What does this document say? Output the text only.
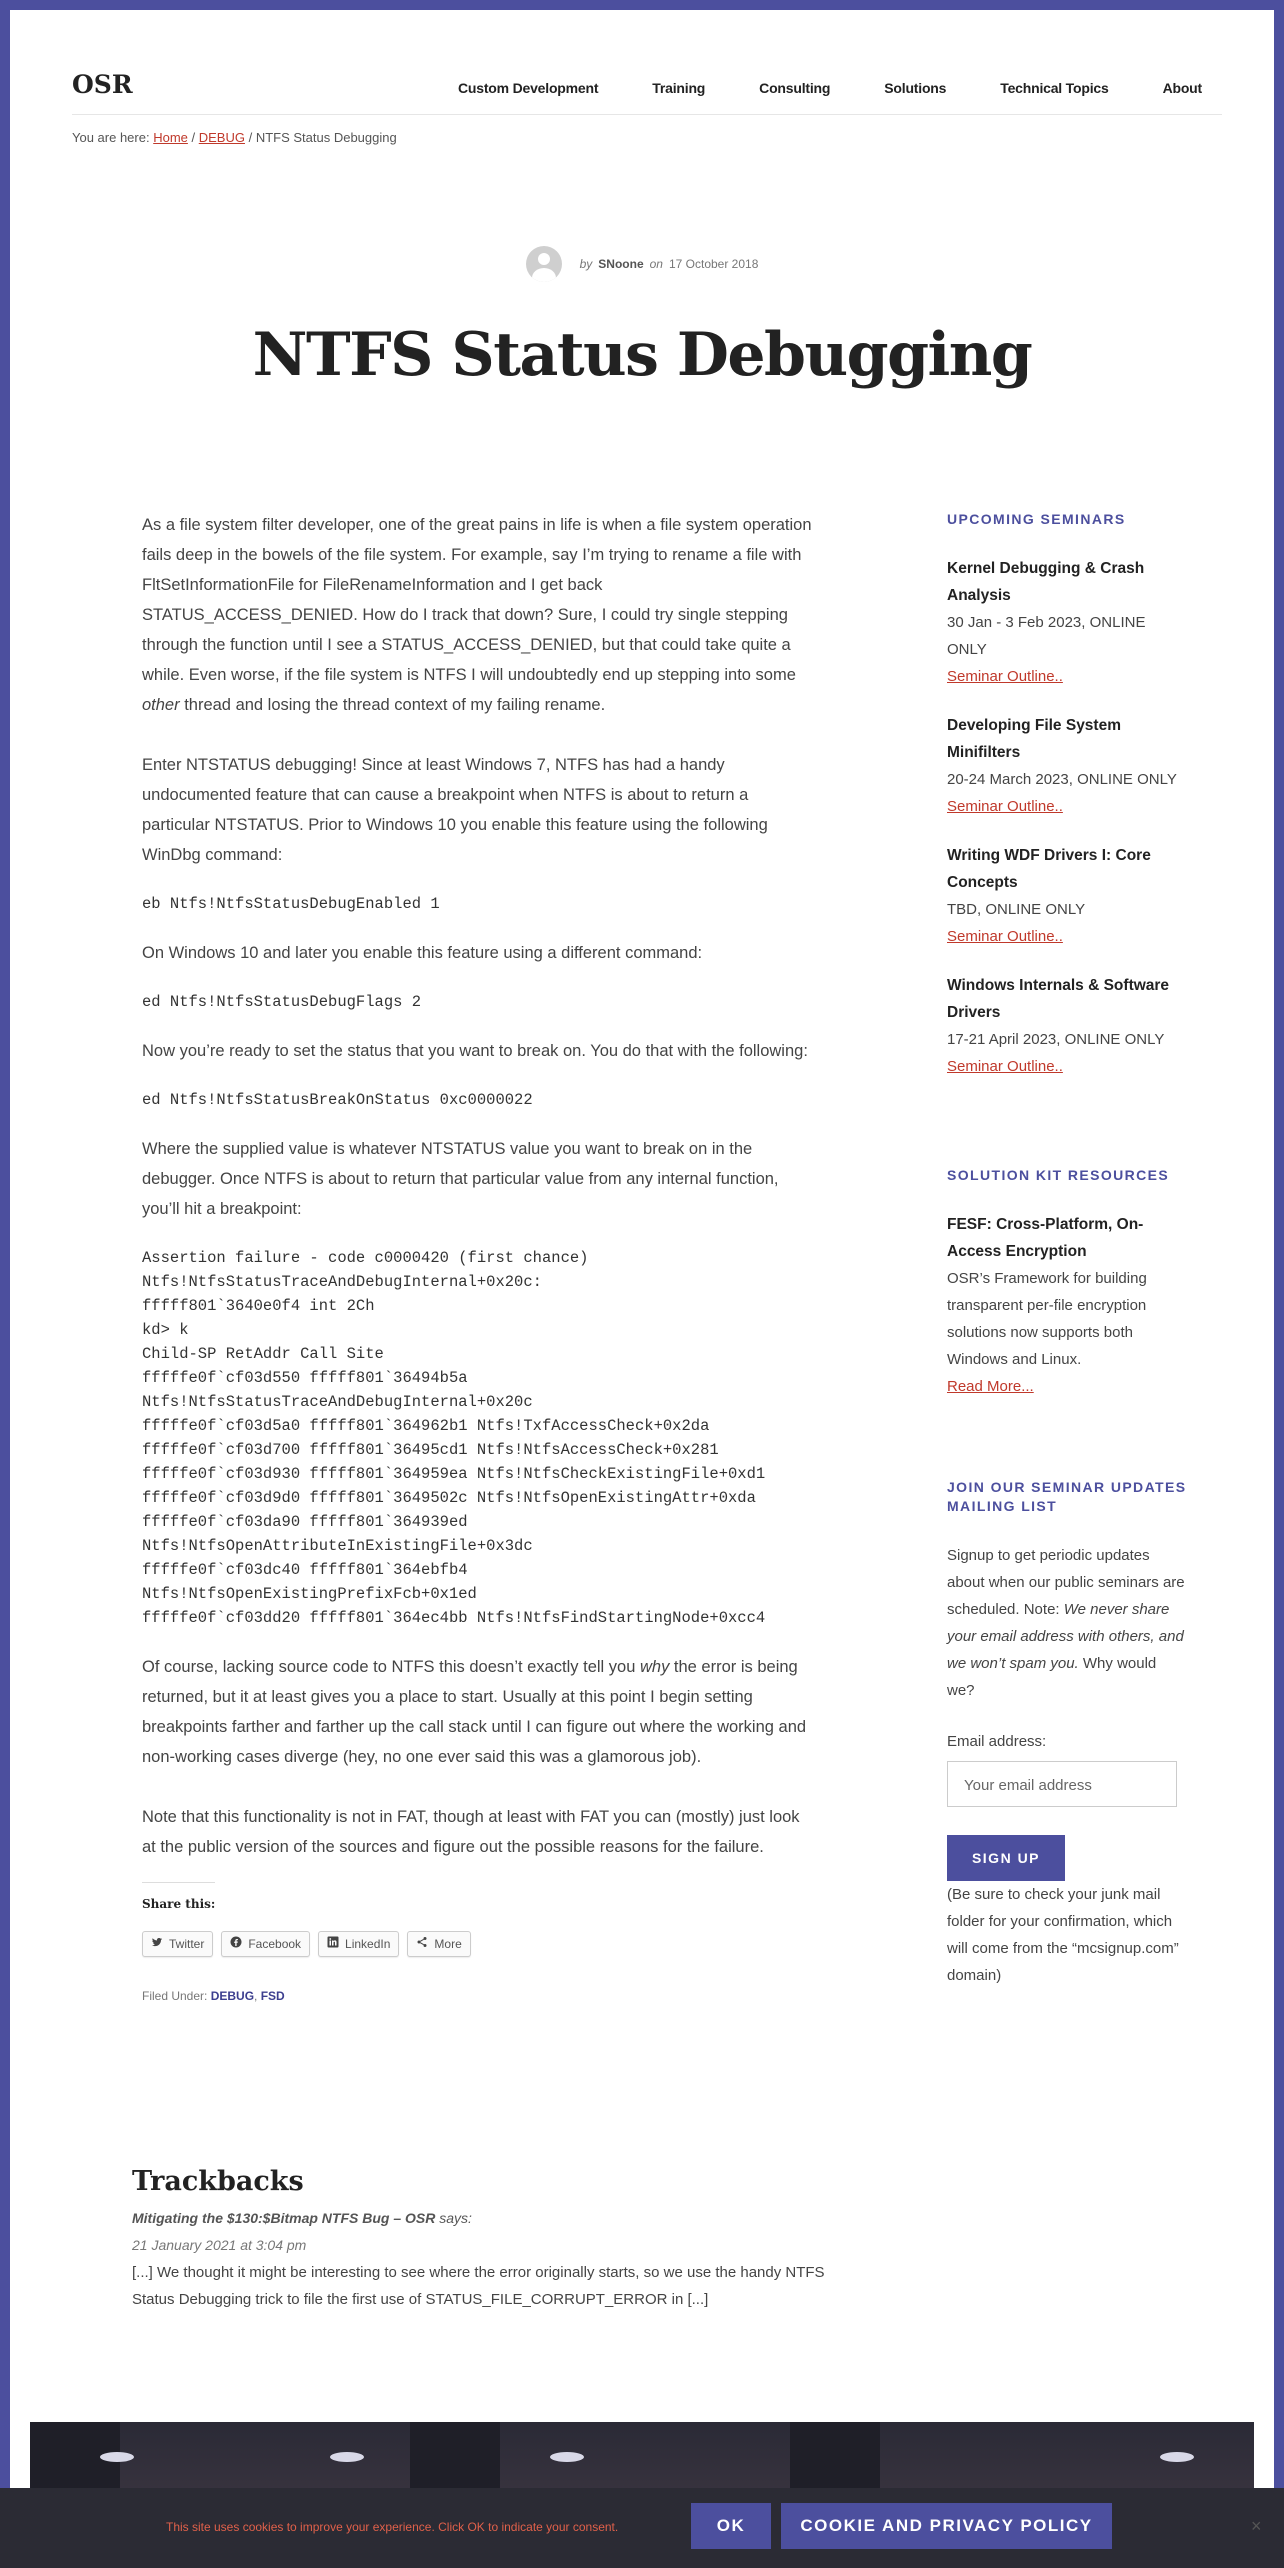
OSR	Custom Development	Training	Consulting	Solutions	Technical Topics	About
You are here: Home / DEBUG / NTFS Status Debugging
by SNoone on 17 October 2018
NTFS Status Debugging

As a file system filter developer, one of the great pains in life is when a file system operation fails deep in the bowels of the file system. For example, say I’m trying to rename a file with FltSetInformationFile for FileRenameInformation and I get back STATUS_ACCESS_DENIED. How do I track that down? Sure, I could try single stepping through the function until I see a STATUS_ACCESS_DENIED, but that could take quite a while. Even worse, if the file system is NTFS I will undoubtedly end up stepping into some other thread and losing the thread context of my failing rename.

Enter NTSTATUS debugging! Since at least Windows 7, NTFS has had a handy undocumented feature that can cause a breakpoint when NTFS is about to return a particular NTSTATUS. Prior to Windows 10 you enable this feature using the following WinDbg command:

eb Ntfs!NtfsStatusDebugEnabled 1

On Windows 10 and later you enable this feature using a different command:

ed Ntfs!NtfsStatusDebugFlags 2

Now you’re ready to set the status that you want to break on. You do that with the following:

ed Ntfs!NtfsStatusBreakOnStatus 0xc0000022

Where the supplied value is whatever NTSTATUS value you want to break on in the debugger. Once NTFS is about to return that particular value from any internal function, you’ll hit a breakpoint:

Assertion failure - code c0000420 (first chance)
Ntfs!NtfsStatusTraceAndDebugInternal+0x20c:
fffff801`3640e0f4 int 2Ch
kd> k
Child-SP RetAddr Call Site
fffffe0f`cf03d550 fffff801`36494b5a
Ntfs!NtfsStatusTraceAndDebugInternal+0x20c
fffffe0f`cf03d5a0 fffff801`364962b1 Ntfs!TxfAccessCheck+0x2da
fffffe0f`cf03d700 fffff801`36495cd1 Ntfs!NtfsAccessCheck+0x281
fffffe0f`cf03d930 fffff801`364959ea Ntfs!NtfsCheckExistingFile+0xd1
fffffe0f`cf03d9d0 fffff801`3649502c Ntfs!NtfsOpenExistingAttr+0xda
fffffe0f`cf03da90 fffff801`364939ed
Ntfs!NtfsOpenAttributeInExistingFile+0x3dc
fffffe0f`cf03dc40 fffff801`364ebfb4
Ntfs!NtfsOpenExistingPrefixFcb+0x1ed
fffffe0f`cf03dd20 fffff801`364ec4bb Ntfs!NtfsFindStartingNode+0xcc4

Of course, lacking source code to NTFS this doesn’t exactly tell you why the error is being returned, but it at least gives you a place to start. Usually at this point I begin setting breakpoints farther and farther up the call stack until I can figure out where the working and non-working cases diverge (hey, no one ever said this was a glamorous job).

Note that this functionality is not in FAT, though at least with FAT you can (mostly) just look at the public version of the sources and figure out the possible reasons for the failure.

Share this:
Twitter	Facebook	LinkedIn	More
Filed Under: DEBUG, FSD
UPCOMING SEMINARS
Kernel Debugging & Crash Analysis
30 Jan - 3 Feb 2023, ONLINE ONLY
Seminar Outline..
Developing File System Minifilters
20-24 March 2023, ONLINE ONLY
Seminar Outline..
Writing WDF Drivers I: Core Concepts
TBD, ONLINE ONLY
Seminar Outline..
Windows Internals & Software Drivers
17-21 April 2023, ONLINE ONLY
Seminar Outline..
SOLUTION KIT RESOURCES
FESF: Cross-Platform, On-Access Encryption
OSR’s Framework for building transparent per-file encryption solutions now supports both Windows and Linux.
Read More...
JOIN OUR SEMINAR UPDATES MAILING LIST
Signup to get periodic updates about when our public seminars are scheduled. Note: We never share your email address with others, and we won’t spam you. Why would we?
Email address:
Your email address
SIGN UP
(Be sure to check your junk mail folder for your confirmation, which will come from the “mcsignup.com” domain)
Trackbacks
Mitigating the $130:$Bitmap NTFS Bug – OSR says:
21 January 2021 at 3:04 pm
[...] We thought it might be interesting to see where the error originally starts, so we use the handy NTFS Status Debugging trick to file the first use of STATUS_FILE_CORRUPT_ERROR in [...]
This site uses cookies to improve your experience. Click OK to indicate your consent.	OK	COOKIE AND PRIVACY POLICY	×
